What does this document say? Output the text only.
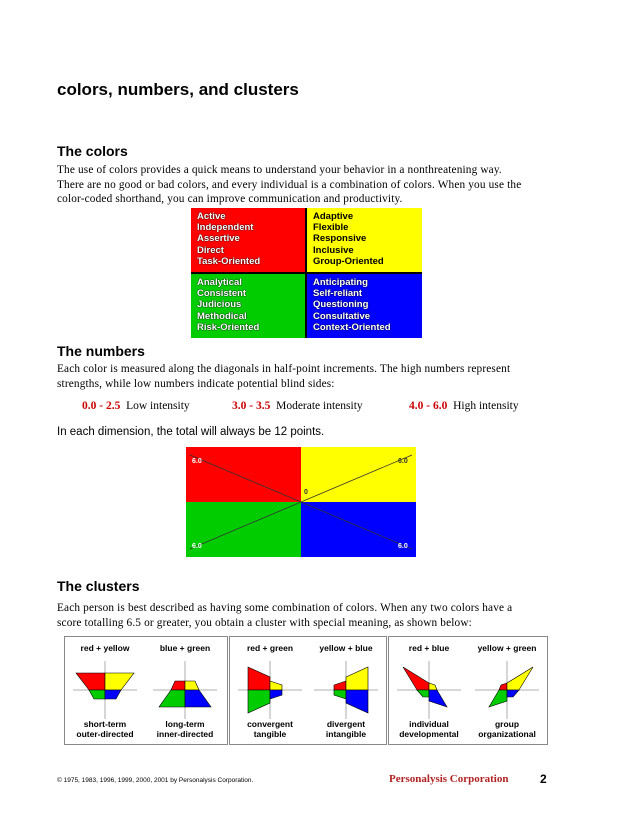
colors, numbers, and clusters
The colors
The use of colors provides a quick means to understand your behavior in a nonthreatening way.
There are no good or bad colors, and every individual is a combination of colors. When you use the
color-coded shorthand, you can improve communication and productivity.
Active
Independent
Assertive
Direct
Task-Oriented
Adaptive
Flexible
Responsive
Inclusive
Group-Oriented
Analytical
Consistent
Judicious
Methodical
Risk-Oriented
Anticipating
Self-reliant
Questioning
Consultative
Context-Oriented
The numbers
Each color is measured along the diagonals in half-point increments. The high numbers represent
strengths, while low numbers indicate potential blind sides:
0.0 - 2.5 Low intensity	3.0 - 3.5 Moderate intensity	4.0 - 6.0 High intensity
In each dimension, the total will always be 12 points.
6.0	6.0
0
6.0	6.0
The clusters
Each person is best described as having some combination of colors. When any two colors have a
score totalling 6.5 or greater, you obtain a cluster with special meaning, as shown below:
red + yellow	blue + green
short-term
outer-directed
long-term
inner-directed
red + green	yellow + blue
convergent
tangible
divergent
intangible
red + blue	yellow + green
individual
developmental
group
organizational
© 1975, 1983, 1996, 1999, 2000, 2001 by Personalysis Corporation.	Personalysis Corporation	2
